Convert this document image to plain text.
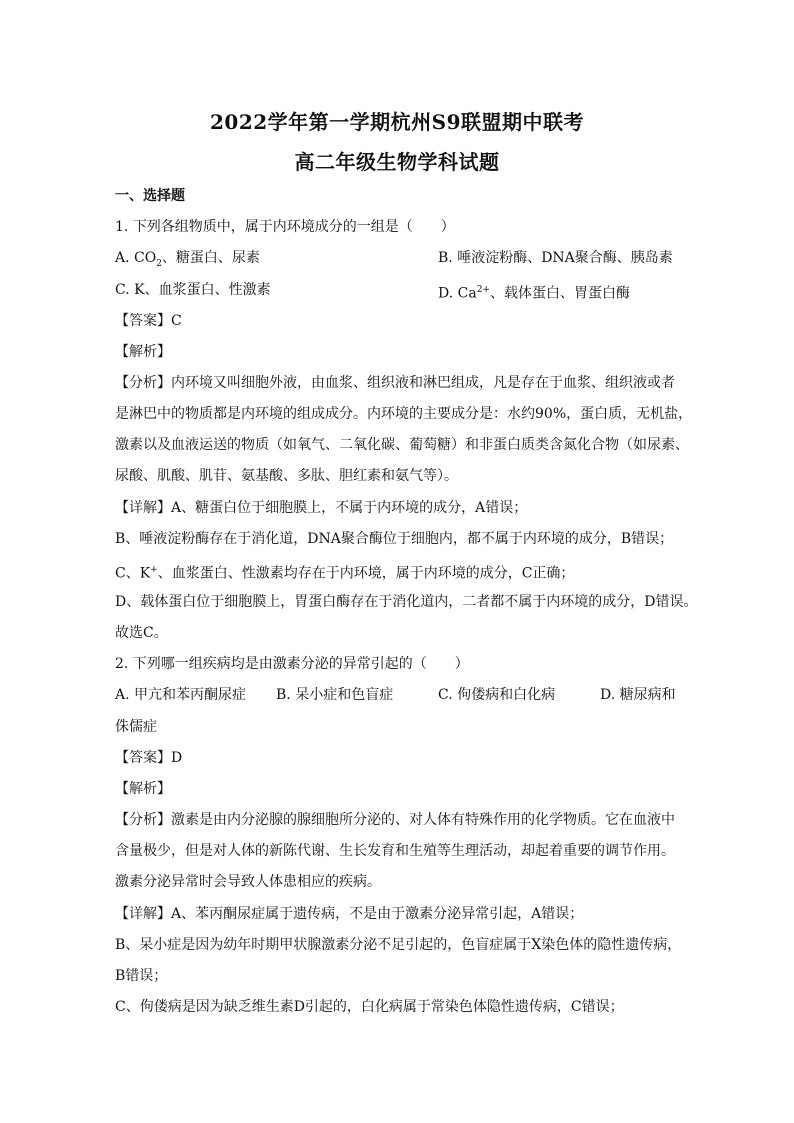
2022学年第一学期杭州S9联盟期中联考
高二年级生物学科试题
一、选择题
1. 下列各组物质中，属于内环境成分的一组是（　　）
A. $CO_2$、糖蛋白、尿素	B. 唾液淀粉酶、DNA聚合酶、胰岛素
C. K、血浆蛋白、性激素	D. $Ca^{2+}$、载体蛋白、胃蛋白酶
【答案】C
【解析】
【分析】内环境又叫细胞外液，由血浆、组织液和淋巴组成，凡是存在于血浆、组织液或者
是淋巴中的物质都是内环境的组成成分。内环境的主要成分是：水约90%，蛋白质，无机盐，
激素以及血液运送的物质（如氧气、二氧化碳、葡萄糖）和非蛋白质类含氮化合物（如尿素、
尿酸、肌酸、肌苷、氨基酸、多肽、胆红素和氨气等）。
【详解】A、糖蛋白位于细胞膜上，不属于内环境的成分，A错误；
B、唾液淀粉酶存在于消化道，DNA聚合酶位于细胞内，都不属于内环境的成分，B错误；
C、K+、血浆蛋白、性激素均存在于内环境，属于内环境的成分，C正确；
D、载体蛋白位于细胞膜上，胃蛋白酶存在于消化道内，二者都不属于内环境的成分，D错误。
故选C。
2. 下列哪一组疾病均是由激素分泌的异常引起的（　　）
A. 甲亢和苯丙酮尿症 B. 呆小症和色盲症	C. 佝偻病和白化病	D. 糖尿病和
侏儒症
【答案】D
【解析】
【分析】激素是由内分泌腺的腺细胞所分泌的、对人体有特殊作用的化学物质。它在血液中
含量极少，但是对人体的新陈代谢、生长发育和生殖等生理活动，却起着重要的调节作用。
激素分泌异常时会导致人体患相应的疾病。
【详解】A、苯丙酮尿症属于遗传病，不是由于激素分泌异常引起，A错误；
B、呆小症是因为幼年时期甲状腺激素分泌不足引起的，色盲症属于X染色体的隐性遗传病，
B错误；
C、佝偻病是因为缺乏维生素D引起的，白化病属于常染色体隐性遗传病，C错误；
